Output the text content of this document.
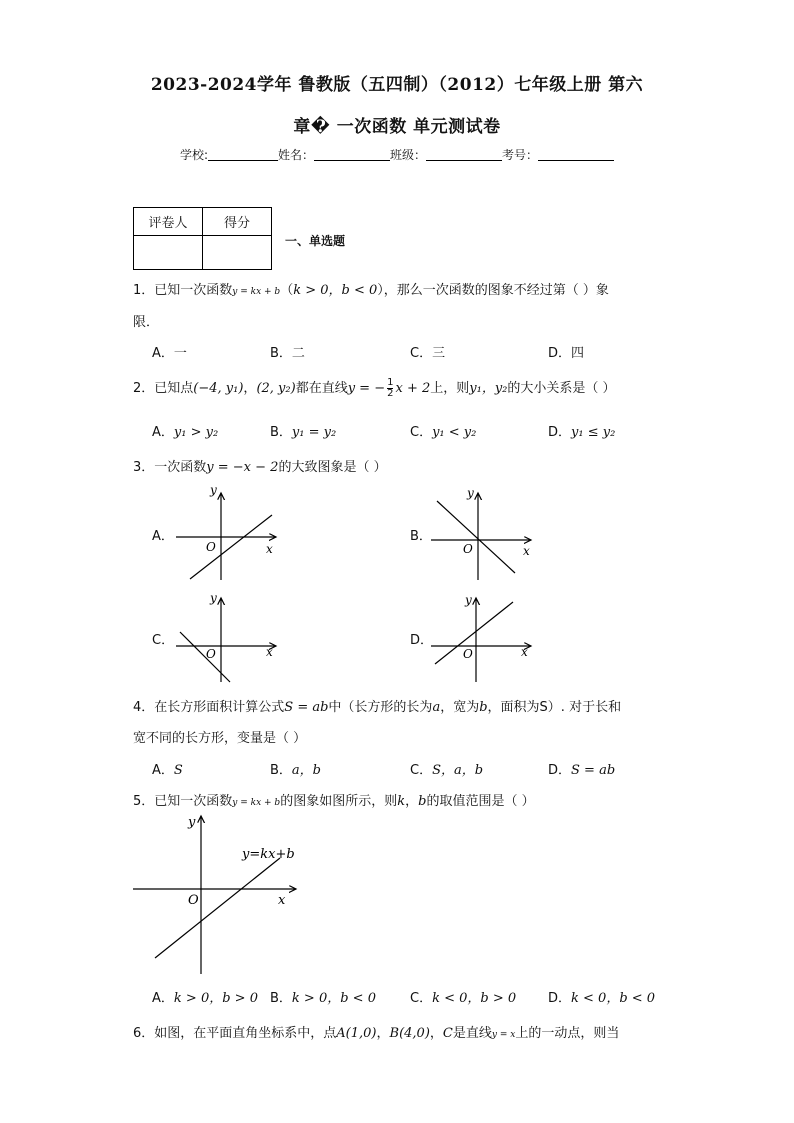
2023-2024学年 鲁教版（五四制）（2012）七年级上册 第六
章� 一次函数 单元测试卷
学校:	姓名：	班级：	考号：
评卷人	得分

一、单选题
1．已知一次函数y = kx + b（k > 0，b < 0），那么一次函数的图象不经过第（ ）象
限．
A．一	B．二	C．三	D．四
2．已知点(−4, y₁)，(2, y₂)都在直线y = − $\frac{1}{2}$ x + 2上，则y₁，y₂的大小关系是（ ）
A．y₁ > y₂	B．y₁ = y₂	C．y₁ < y₂	D．y₁ ≤ y₂
3．一次函数y = −x − 2的大致图象是（ ）
A．	B．
C．	D．
y
x
O
y
x
O
y
x
O
y
x
O
4．在长方形面积计算公式S = ab中（长方形的长为a，宽为b，面积为S）. 对于长和
宽不同的长方形，变量是（ ）
A．S	B．a，b	C．S，a，b	D．S = ab
5．已知一次函数y = kx + b的图象如图所示，则k，b的取值范围是（ ）
y
x
O
y=kx+b
A．k > 0，b > 0 B．k > 0，b < 0	C．k < 0，b > 0 D．k < 0，b < 0
6．如图，在平面直角坐标系中，点A(1,0)，B(4,0)，C是直线y = x上的一动点，则当
